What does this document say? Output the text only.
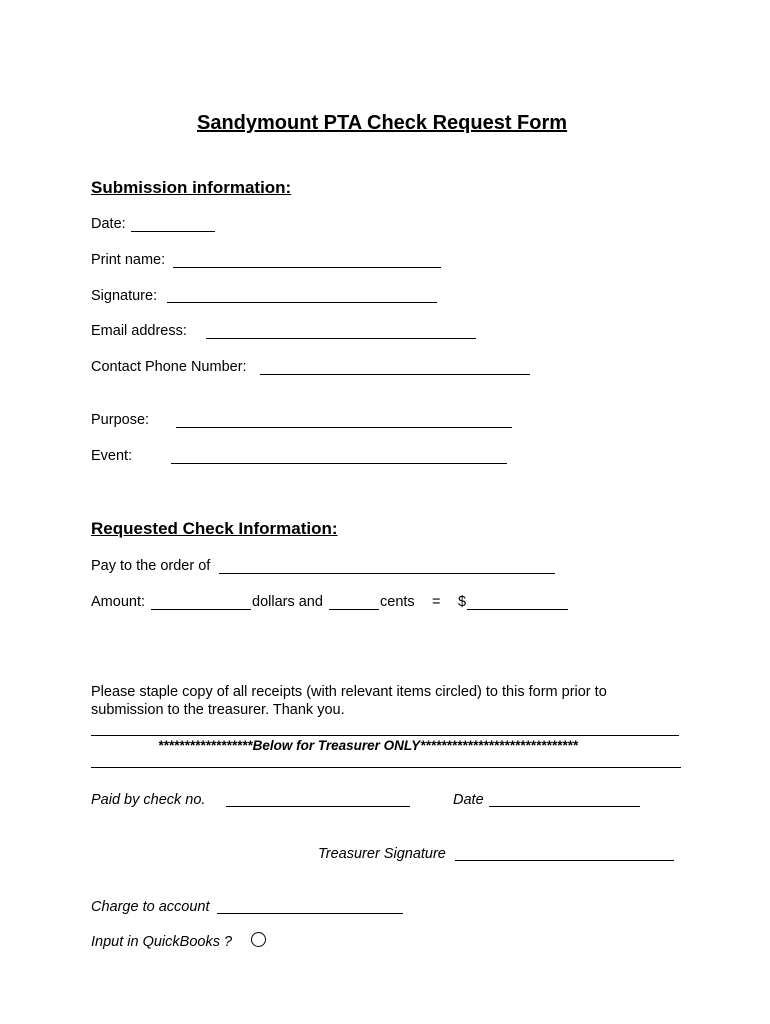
Sandymount PTA Check Request Form
Submission information:
Date:
Print name:
Signature:
Email address:
Contact Phone Number:
Purpose:
Event:
Requested Check Information:
Pay to the order of
Amount:	dollars and	cents = $
Please staple copy of all receipts (with relevant items circled) to this form prior to submission to the treasurer. Thank you.
******************Below for Treasurer ONLY******************************
Paid by check no.	Date
Treasurer Signature
Charge to account
Input in QuickBooks ?
